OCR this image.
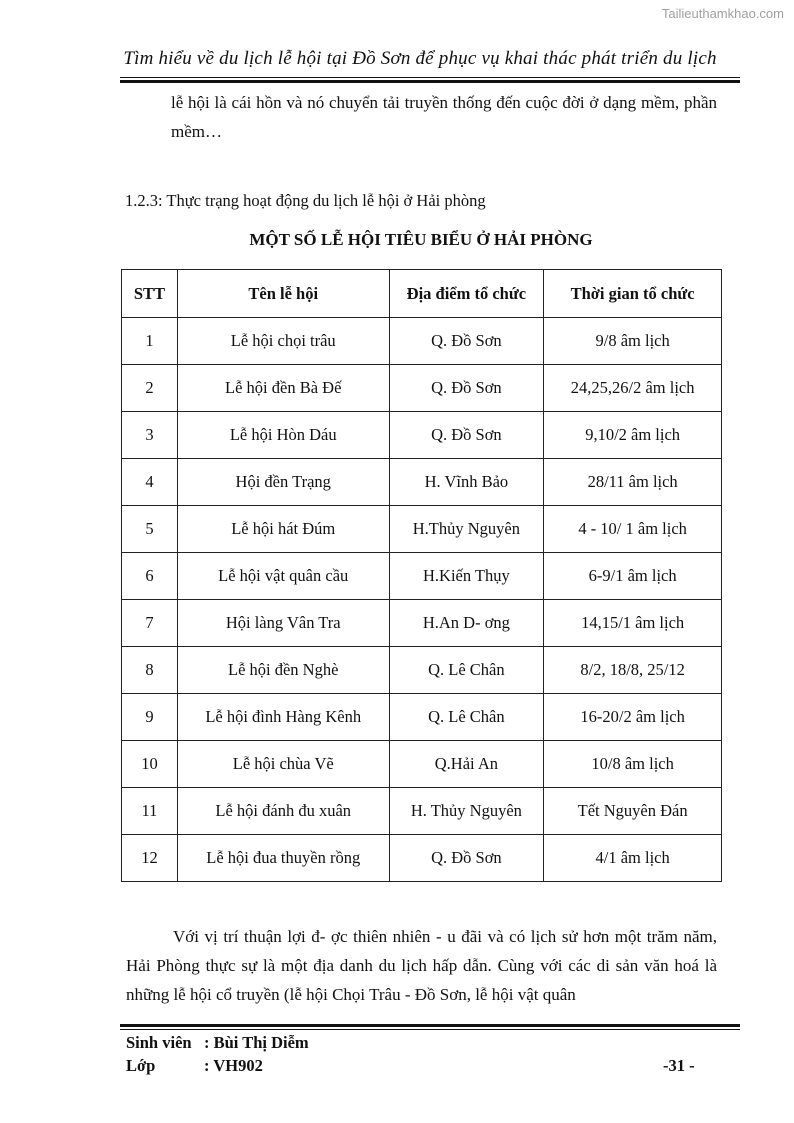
Tailieuthamkhao.com
Tìm hiểu về du lịch lễ hội tại Đồ Sơn để phục vụ khai thác phát triển du lịch
lễ hội là cái hồn và nó chuyển tải truyền thống đến cuộc đời ở dạng mềm, phần mềm…
1.2.3: Thực trạng hoạt động du lịch lễ hội ở Hải phòng
MỘT SỐ LỄ HỘI TIÊU BIỂU Ở HẢI PHÒNG
STT	Tên lễ hội	Địa điểm tổ chức	Thời gian tổ chức
1	Lễ hội chọi trâu	Q. Đồ Sơn	9/8 âm lịch
2	Lễ hội đền Bà Đế	Q. Đồ Sơn	24,25,26/2 âm lịch
3	Lễ hội Hòn Dáu	Q. Đồ Sơn	9,10/2 âm lịch
4	Hội đền Trạng	H. Vĩnh Bảo	28/11 âm lịch
5	Lễ hội hát Đúm	H.Thủy Nguyên	4 - 10/ 1 âm lịch
6	Lễ hội vật quân cầu	H.Kiến Thụy	6-9/1 âm lịch
7	Hội làng Vân Tra	H.An D- ơng	14,15/1 âm lịch
8	Lễ hội đền Nghè	Q. Lê Chân	8/2, 18/8, 25/12
9	Lễ hội đình Hàng Kênh	Q. Lê Chân	16-20/2 âm lịch
10	Lễ hội chùa Vẽ	Q.Hải An	10/8 âm lịch
11	Lễ hội đánh đu xuân	H. Thủy Nguyên	Tết Nguyên Đán
12	Lễ hội đua thuyền rồng	Q. Đồ Sơn	4/1 âm lịch
Với vị trí thuận lợi đ- ợc thiên nhiên - u đãi và có lịch sử hơn một trăm năm, Hải Phòng thực sự là một địa danh du lịch hấp dẫn. Cùng với các di sản văn hoá là những lễ hội cổ truyền (lễ hội Chọi Trâu - Đồ Sơn, lễ hội vật quân
Sinh viên : Bùi Thị Diễm
Lớp	: VH902	-31 -
